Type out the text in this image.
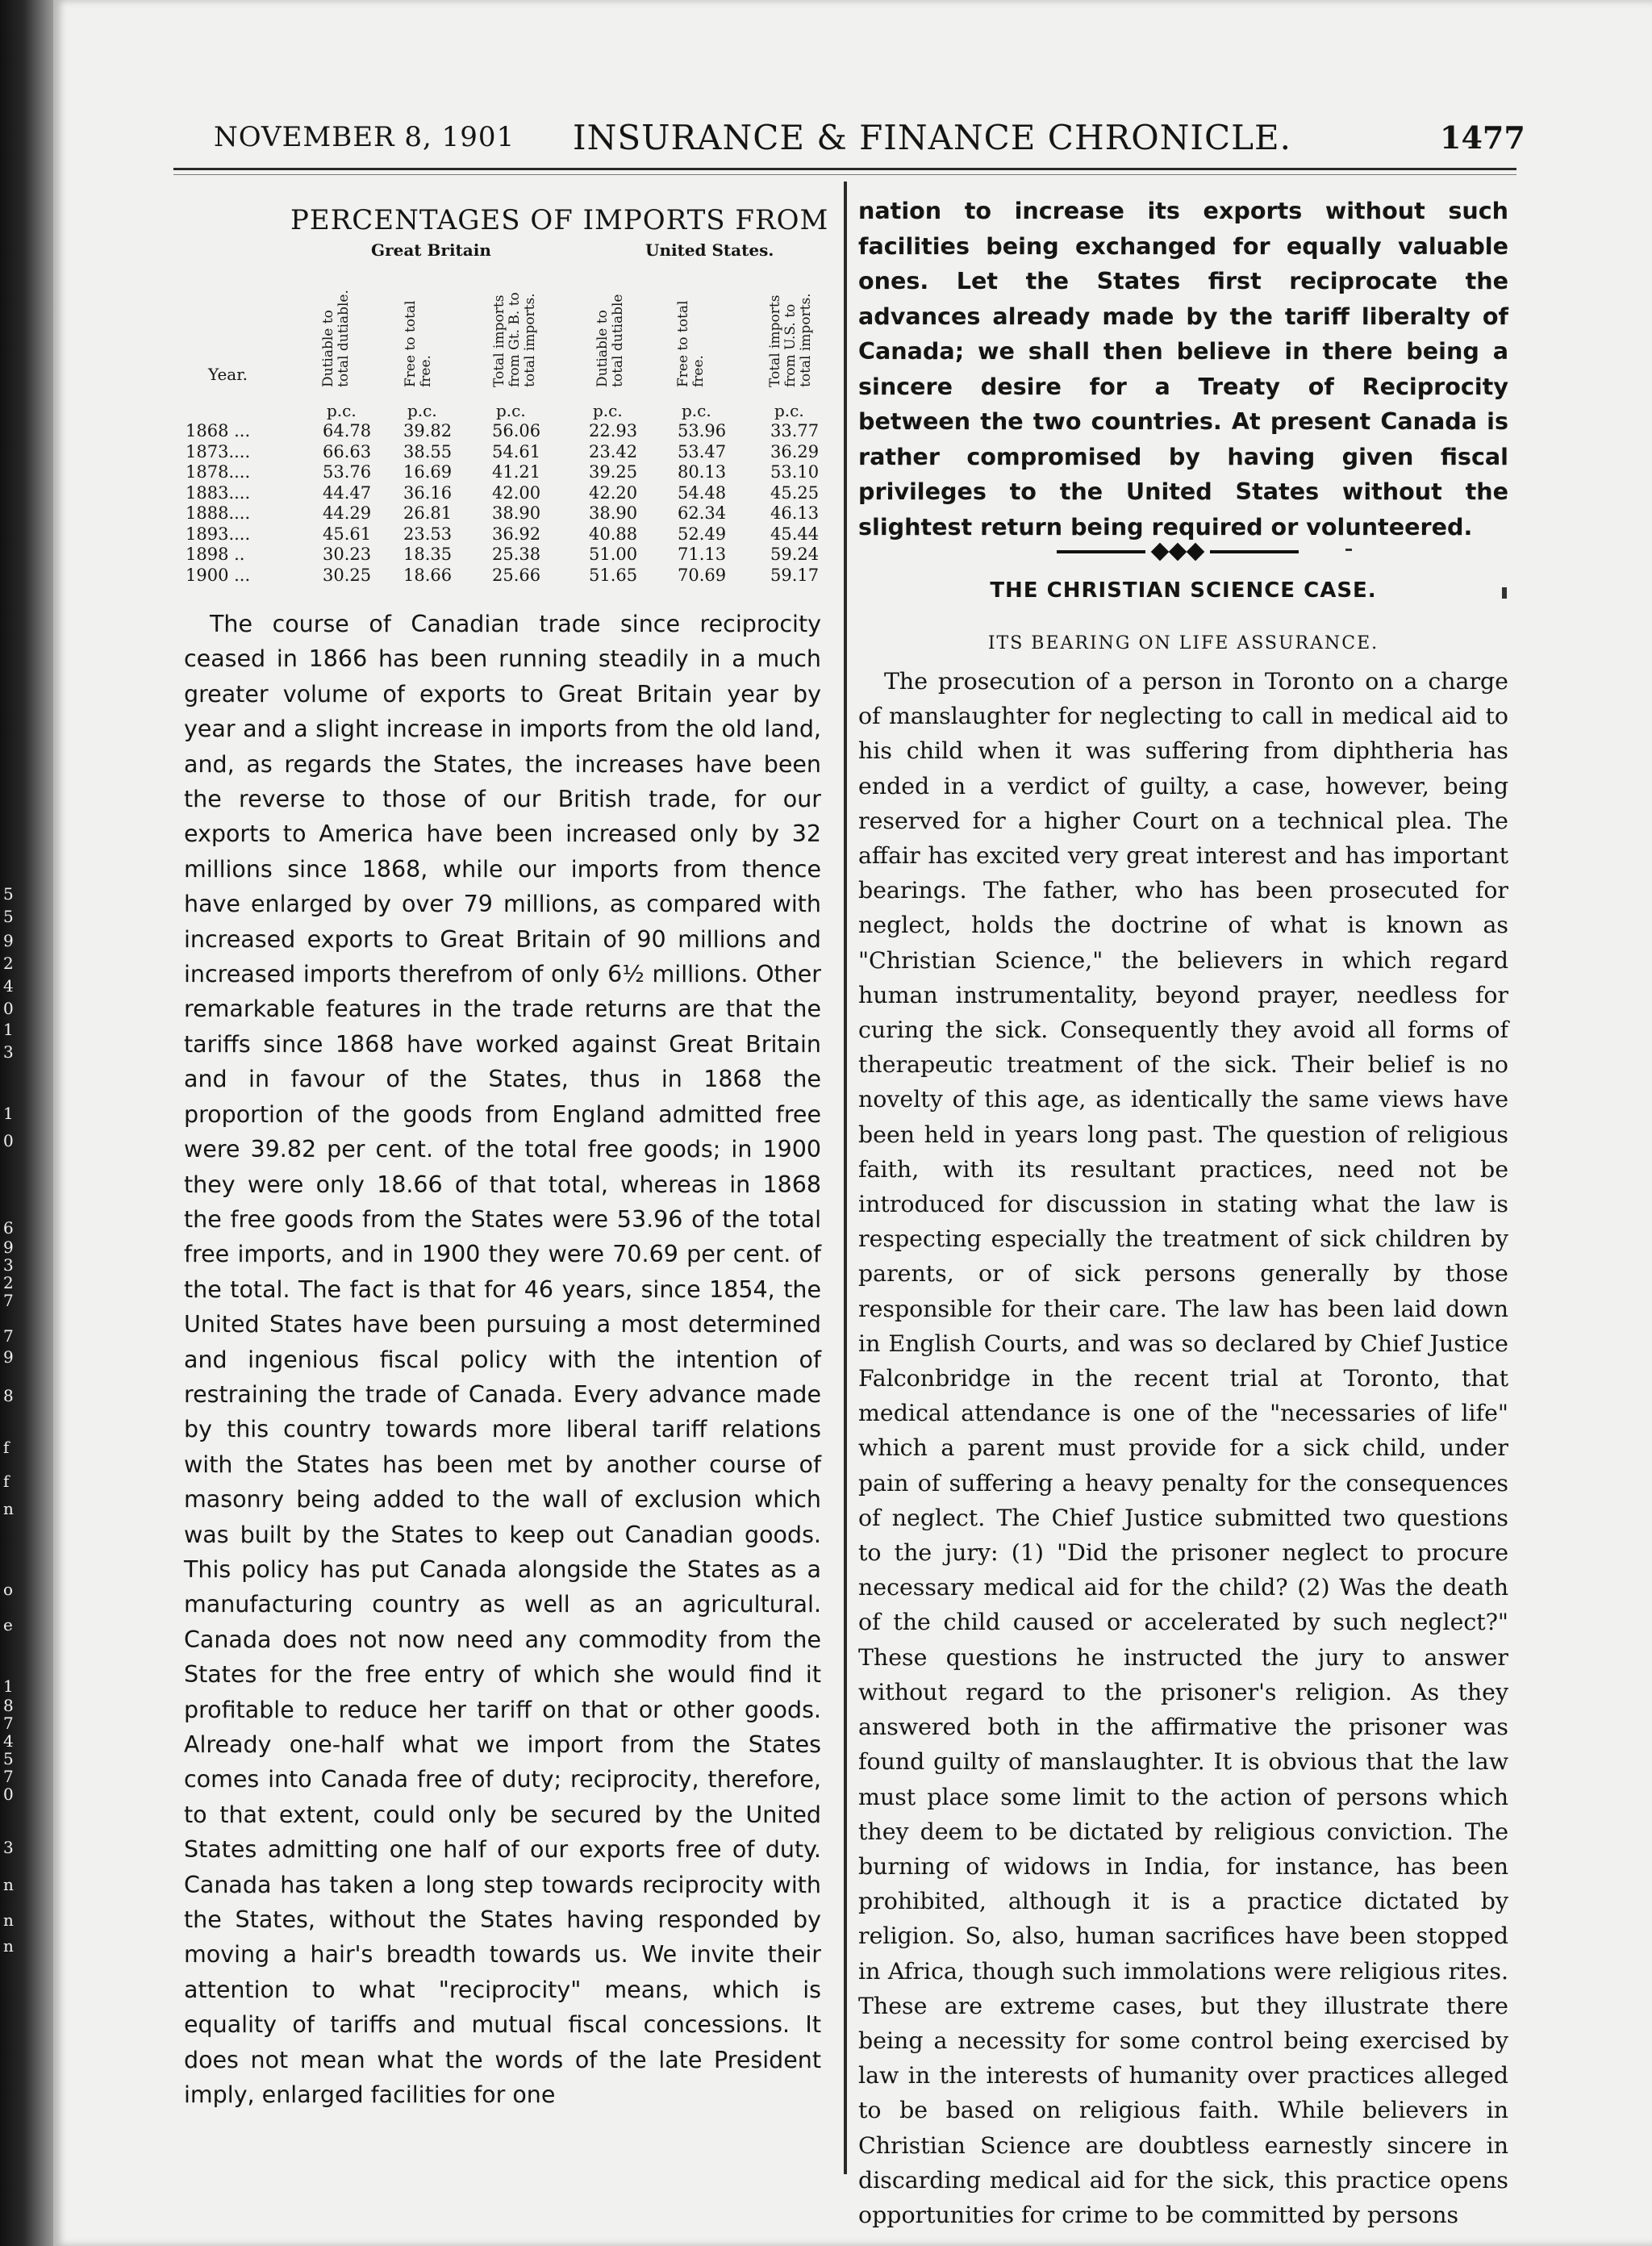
5
5
9
2
4
0
1
3
1
0
6
9
3
2
7
7
9
8
f
f
n
o
e
1
8
7
4
5
7
0
3
n
n
n
NOVEMBER 8, 1901 INSURANCE & FINANCE CHRONICLE.	1477
PERCENTAGES OF IMPORTS FROM
Great Britain	United States.
Year.	Dutiable to total dutiable.	Free to total free.	Total imports from Gt. B. to total imports.	Dutiable to total dutiable	Free to total free.	Total imports from U.S. to total imports.
p.c.	p.c.	p.c.	p.c.	p.c.	p.c.
1868 ...	64.78	39.82	56.06	22.93	53.96	33.77
1873....	66.63	38.55	54.61	23.42	53.47	36.29
1878....	53.76	16.69	41.21	39.25	80.13	53.10
1883....	44.47	36.16	42.00	42.20	54.48	45.25
1888....	44.29	26.81	38.90	38.90	62.34	46.13
1893....	45.61	23.53	36.92	40.88	52.49	45.44
1898 ..	30.23	18.35	25.38	51.00	71.13	59.24
1900 ...	30.25	18.66	25.66	51.65	70.69	59.17

The course of Canadian trade since reciprocity ceased in 1866 has been running steadily in a much greater volume of exports to Great Britain year by year and a slight increase in imports from the old land, and, as regards the States, the increases have been the reverse to those of our British trade, for our exports to America have been increased only by 32 millions since 1868, while our imports from thence have enlarged by over 79 millions, as compared with increased exports to Great Britain of 90 millions and increased imports therefrom of only 6½ millions. Other remarkable features in the trade returns are that the tariffs since 1868 have worked against Great Britain and in favour of the States, thus in 1868 the proportion of the goods from England admitted free were 39.82 per cent. of the total free goods; in 1900 they were only 18.66 of that total, whereas in 1868 the free goods from the States were 53.96 of the total free imports, and in 1900 they were 70.69 per cent. of the total. The fact is that for 46 years, since 1854, the United States have been pursuing a most determined and ingenious fiscal policy with the intention of restraining the trade of Canada. Every advance made by this country towards more liberal tariff relations with the States has been met by another course of masonry being added to the wall of exclusion which was built by the States to keep out Canadian goods. This policy has put Canada alongside the States as a manufacturing country as well as an agricultural. Canada does not now need any commodity from the States for the free entry of which she would find it profitable to reduce her tariff on that or other goods. Already one-half what we import from the States comes into Canada free of duty; reciprocity, therefore, to that extent, could only be secured by the United States admitting one half of our exports free of duty. Canada has taken a long step towards reciprocity with the States, without the States having responded by moving a hair's breadth towards us. We invite their attention to what "reciprocity" means, which is equality of tariffs and mutual fiscal concessions. It does not mean what the words of the late President imply, enlarged facilities for one

nation to increase its exports without such facilities being exchanged for equally valuable ones. Let the States first reciprocate the advances already made by the tariff liberalty of Canada; we shall then believe in there being a sincere desire for a Treaty of Reciprocity between the two countries. At present Canada is rather compromised by having given fiscal privileges to the United States without the slightest return being required or volunteered.

THE CHRISTIAN SCIENCE CASE.
ITS BEARING ON LIFE ASSURANCE.

The prosecution of a person in Toronto on a charge of manslaughter for neglecting to call in medical aid to his child when it was suffering from diphtheria has ended in a verdict of guilty, a case, however, being reserved for a higher Court on a technical plea. The affair has excited very great interest and has important bearings. The father, who has been prosecuted for neglect, holds the doctrine of what is known as "Christian Science," the believers in which regard human instrumentality, beyond prayer, needless for curing the sick. Consequently they avoid all forms of therapeutic treatment of the sick. Their belief is no novelty of this age, as identically the same views have been held in years long past. The question of religious faith, with its resultant practices, need not be introduced for discussion in stating what the law is respecting especially the treatment of sick children by parents, or of sick persons generally by those responsible for their care. The law has been laid down in English Courts, and was so declared by Chief Justice Falconbridge in the recent trial at Toronto, that medical attendance is one of the "necessaries of life" which a parent must provide for a sick child, under pain of suffering a heavy penalty for the consequences of neglect. The Chief Justice submitted two questions to the jury: (1) "Did the prisoner neglect to procure necessary medical aid for the child? (2) Was the death of the child caused or accelerated by such neglect?" These questions he instructed the jury to answer without regard to the prisoner's religion. As they answered both in the affirmative the prisoner was found guilty of manslaughter. It is obvious that the law must place some limit to the action of persons which they deem to be dictated by religious conviction. The burning of widows in India, for instance, has been prohibited, although it is a practice dictated by religion. So, also, human sacrifices have been stopped in Africa, though such immolations were religious rites. These are extreme cases, but they illustrate there being a necessity for some control being exercised by law in the interests of humanity over practices alleged to be based on religious faith. While believers in Christian Science are doubtless earnestly sincere in discarding medical aid for the sick, this practice opens opportunities for crime to be committed by persons
